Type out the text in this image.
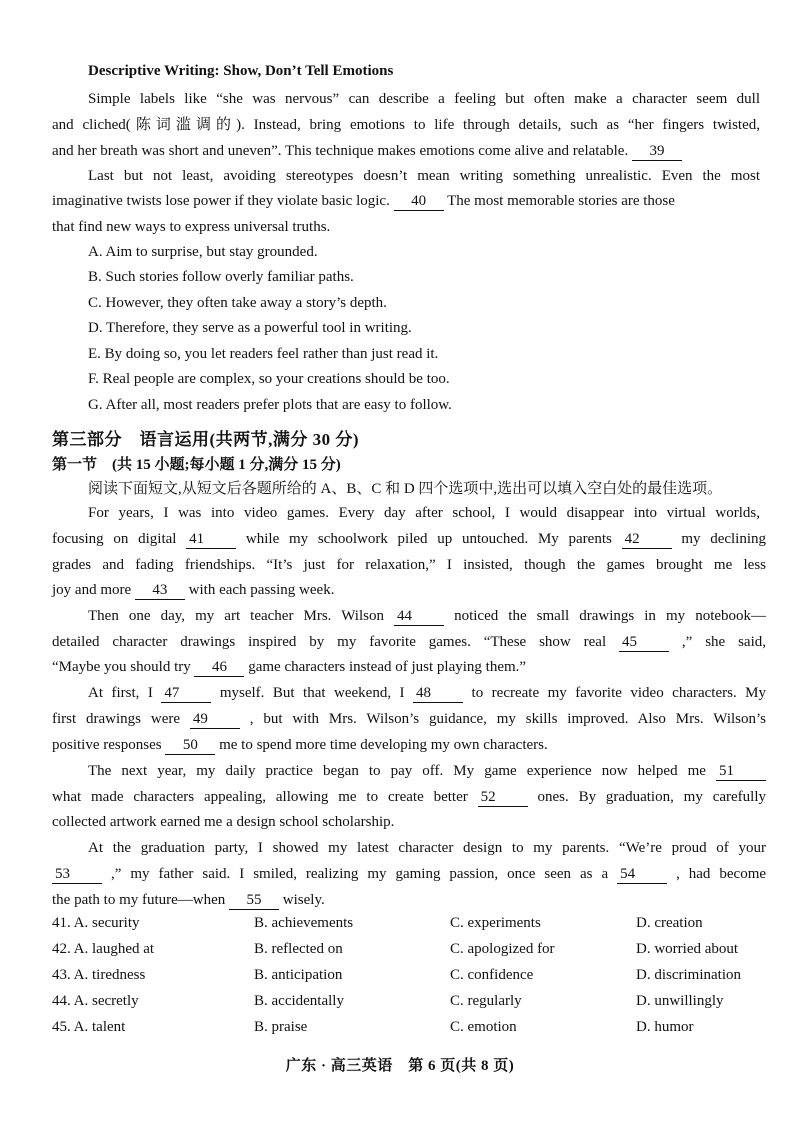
Descriptive Writing: Show, Don’t Tell Emotions
Simple labels like “she was nervous” can describe a feeling but often make a character seem dull
and cliched(陈词滥调的). Instead, bring emotions to life through details, such as “her fingers twisted,
and her breath was short and uneven”. This technique makes emotions come alive and relatable. 39
Last but not least, avoiding stereotypes doesn’t mean writing something unrealistic. Even the most
imaginative twists lose power if they violate basic logic. 40 The most memorable stories are those
that find new ways to express universal truths.
A. Aim to surprise, but stay grounded.
B. Such stories follow overly familiar paths.
C. However, they often take away a story’s depth.
D. Therefore, they serve as a powerful tool in writing.
E. By doing so, you let readers feel rather than just read it.
F. Real people are complex, so your creations should be too.
G. After all, most readers prefer plots that are easy to follow.
第三部分　语言运用(共两节,满分 30 分)
第一节　(共 15 小题;每小题 1 分,满分 15 分)
阅读下面短文,从短文后各题所给的 A、B、C 和 D 四个选项中,选出可以填入空白处的最佳选项。
For years, I was into video games. Every day after school, I would disappear into virtual worlds,
focusing on digital 41	while my schoolwork piled up untouched. My parents 42	my declining
grades and fading friendships. “It’s just for relaxation,” I insisted, though the games brought me less
joy and more 43 with each passing week.
Then one day, my art teacher Mrs. Wilson 44	noticed the small drawings in my notebook—
detailed character drawings inspired by my favorite games. “These show real 45	,” she said,
“Maybe you should try 46 game characters instead of just playing them.”
At first, I 47	myself. But that weekend, I 48	to recreate my favorite video characters. My
first drawings were 49	, but with Mrs. Wilson’s guidance, my skills improved. Also Mrs. Wilson’s
positive responses 50 me to spend more time developing my own characters.
The next year, my daily practice began to pay off. My game experience now helped me 51
what made characters appealing, allowing me to create better 52	ones. By graduation, my carefully
collected artwork earned me a design school scholarship.
At the graduation party, I showed my latest character design to my parents. “We’re proud of your
53	,” my father said. I smiled, realizing my gaming passion, once seen as a 54	, had become
the path to my future—when 55 wisely.
41. A. security	B. achievements	C. experiments	D. creation
42. A. laughed at	B. reflected on	C. apologized for	D. worried about
43. A. tiredness	B. anticipation	C. confidence	D. discrimination
44. A. secretly	B. accidentally	C. regularly	D. unwillingly
45. A. talent	B. praise	C. emotion	D. humor
广东 · 高三英语　第 6 页(共 8 页)
